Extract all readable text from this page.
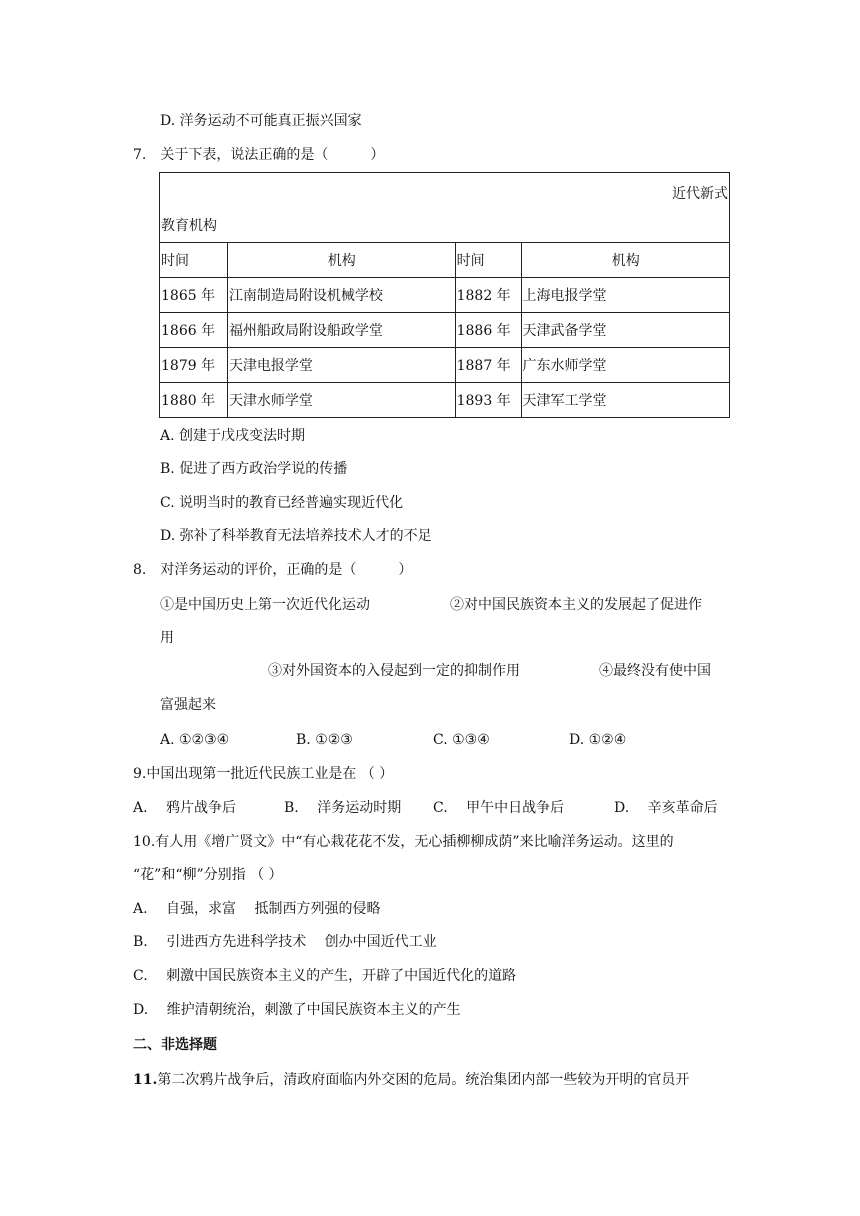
D. 洋务运动不可能真正振兴国家
7.　关于下表，说法正确的是（　　　）
近代新式
教育机构			

时间	机构	时间	机构
1865 年	江南制造局附设机械学校	1882 年	上海电报学堂
1866 年	福州船政局附设船政学堂	1886 年	天津武备学堂
1879 年	天津电报学堂	1887 年	广东水师学堂
1880 年	天津水师学堂	1893 年	天津军工学堂
A. 创建于戊戌变法时期
B. 促进了西方政治学说的传播
C. 说明当时的教育已经普遍实现近代化
D. 弥补了科举教育无法培养技术人才的不足
8.　对洋务运动的评价，正确的是（　　　）
①是中国历史上第一次近代化运动	②对中国民族资本主义的发展起了促进作
用
③对外国资本的入侵起到一定的抑制作用	④最终没有使中国
富强起来
A. ①②③④	B. ①②③	C. ①③④	D. ①②④
9.中国出现第一批近代民族工业是在 （ ）
A.　 鸦片战争后	B.　 洋务运动时期 C.　 甲午中日战争后	D.　 辛亥革命后
10.有人用《增广贤文》中“有心栽花花不发，无心插柳柳成荫”来比喻洋务运动。这里的
“花”和“柳”分别指 （ ）
A.　 自强，求富　 抵制西方列强的侵略
B.　 引进西方先进科学技术　 创办中国近代工业
C.　 刺激中国民族资本主义的产生，开辟了中国近代化的道路
D.　 维护清朝统治，刺激了中国民族资本主义的产生
二、非选择题
11.第二次鸦片战争后，清政府面临内外交困的危局。统治集团内部一些较为开明的官员开
